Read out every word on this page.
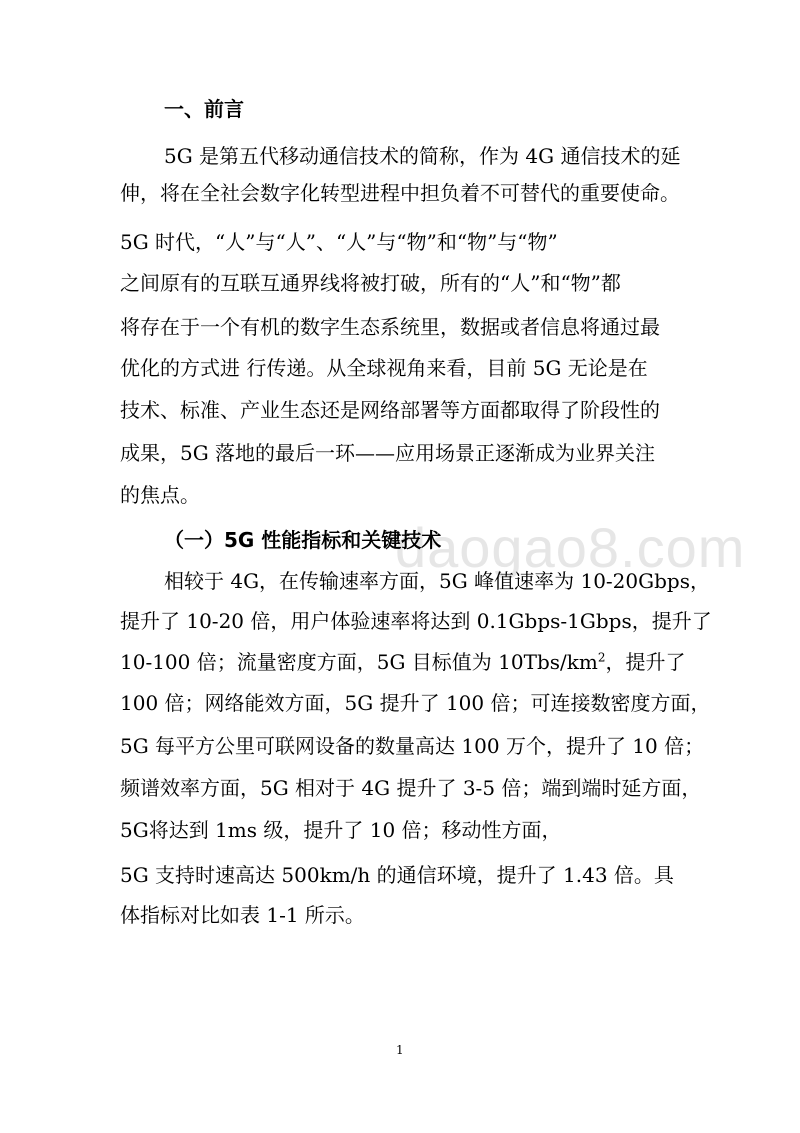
daogao8.com
一、前言
5G 是第五代移动通信技术的简称，作为 4G 通信技术的延
伸，将在全社会数字化转型进程中担负着不可替代的重要使命。
5G 时代，“人”与“人”、“人”与“物”和“物”与“物”
之间原有的互联互通界线将被打破，所有的“人”和“物”都
将存在于一个有机的数字生态系统里，数据或者信息将通过最
优化的方式进 行传递。从全球视角来看，目前 5G 无论是在
技术、标准、产业生态还是网络部署等方面都取得了阶段性的
成果，5G 落地的最后一环——应用场景正逐渐成为业界关注
的焦点。
（一）5G 性能指标和关键技术
相较于 4G，在传输速率方面，5G 峰值速率为 10-20Gbps，
提升了 10-20 倍，用户体验速率将达到 0.1Gbps-1Gbps，提升了
10-100 倍；流量密度方面，5G 目标值为 $10Tbs/km^2$，提升了
100 倍；网络能效方面，5G 提升了 100 倍；可连接数密度方面，
5G 每平方公里可联网设备的数量高达 100 万个，提升了 10 倍；
频谱效率方面，5G 相对于 4G 提升了 3-5 倍；端到端时延方面，
5G将达到 1ms 级，提升了 10 倍；移动性方面，
5G 支持时速高达 500km/h 的通信环境，提升了 1.43 倍。具
体指标对比如表 1-1 所示。
1
